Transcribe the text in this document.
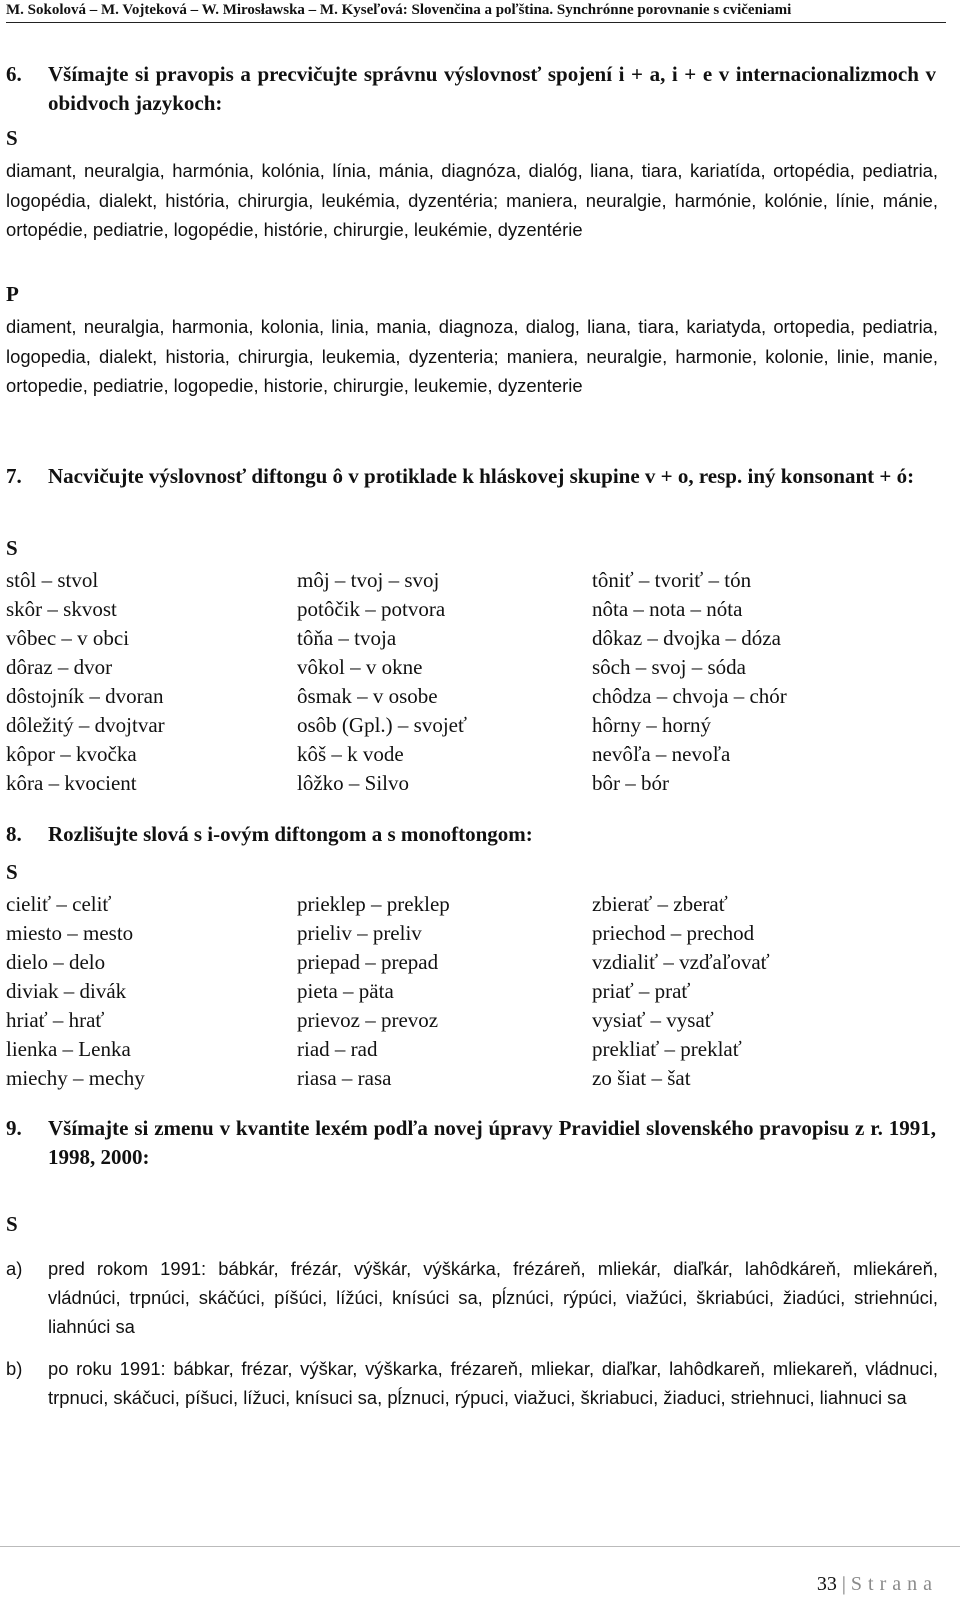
M. Sokolová – M. Vojteková – W. Mirosławska – M. Kyseľová: Slovenčina a poľština. Synchrónne porovnanie s cvičeniami
6. Všímajte si pravopis a precvičujte správnu výslovnosť spojení i + a, i + e v internacionalizmoch v obidvoch jazykoch:
S
diamant, neuralgia, harmónia, kolónia, línia, mánia, diagnóza, dialóg, liana, tiara, kariatída, ortopédia, pediatria, logopédia, dialekt, história, chirurgia, leukémia, dyzentéria; maniera, neuralgie, harmónie, kolónie, línie, mánie, ortopédie, pediatrie, logopédie, histórie, chirurgie, leukémie, dyzentérie
P
diament, neuralgia, harmonia, kolonia, linia, mania, diagnoza, dialog, liana, tiara, kariatyda, ortopedia, pediatria, logopedia, dialekt, historia, chirurgia, leukemia, dyzenteria; maniera, neuralgie, harmonie, kolonie, linie, manie, ortopedie, pediatrie, logopedie, historie, chirurgie, leukemie, dyzenterie
7. Nacvičujte výslovnosť diftongu ô v protiklade k hláskovej skupine v + o, resp. iný konsonant + ó:
S
stôl – stvol	môj – tvoj – svoj	tôniť – tvoriť – tón
skôr – skvost	potôčik – potvora	nôta – nota – nóta
vôbec – v obci	tôňa – tvoja	dôkaz – dvojka – dóza
dôraz – dvor	vôkol – v okne	sôch – svoj – sóda
dôstojník – dvoran	ôsmak – v osobe	chôdza – chvoja – chór
dôležitý – dvojtvar	osôb (Gpl.) – svojeť	hôrny – horný
kôpor – kvočka	kôš – k vode	nevôľa – nevoľa
kôra – kvocient	lôžko – Silvo	bôr – bór
8. Rozlišujte slová s i-ovým diftongom a s monoftongom:
S
cieliť – celiť	prieklep – preklep	zbierať – zberať
miesto – mesto	prieliv – preliv	priechod – prechod
dielo – delo	priepad – prepad	vzdialiť – vzďaľovať
diviak – divák	pieta – päta	priať – prať
hriať – hrať	prievoz – prevoz	vysiať – vysať
lienka – Lenka	riad – rad	prekliať – preklať
miechy – mechy	riasa – rasa	zo šiat – šat
9. Všímajte si zmenu v kvantite lexém podľa novej úpravy Pravidiel slovenského pravopisu z r. 1991, 1998, 2000:
S
a) pred rokom 1991: bábkár, frézár, výškár, výškárka, frézáreň, mliekár, diaľkár, lahôdkáreň, mliekáreň, vládnúci, trpnúci, skáčúci, píšúci, lížúci, knísúci sa, pĺznúci, rýpúci, viažúci, škriabúci, žiadúci, striehnúci, liahnúci sa
b) po roku 1991: bábkar, frézar, výškar, výškarka, frézareň, mliekar, diaľkar, lahôdkareň, mliekareň, vládnuci, trpnuci, skáčuci, píšuci, lížuci, knísuci sa, pĺznuci, rýpuci, viažuci, škriabuci, žiaduci, striehnuci, liahnuci sa
33 | Strana
